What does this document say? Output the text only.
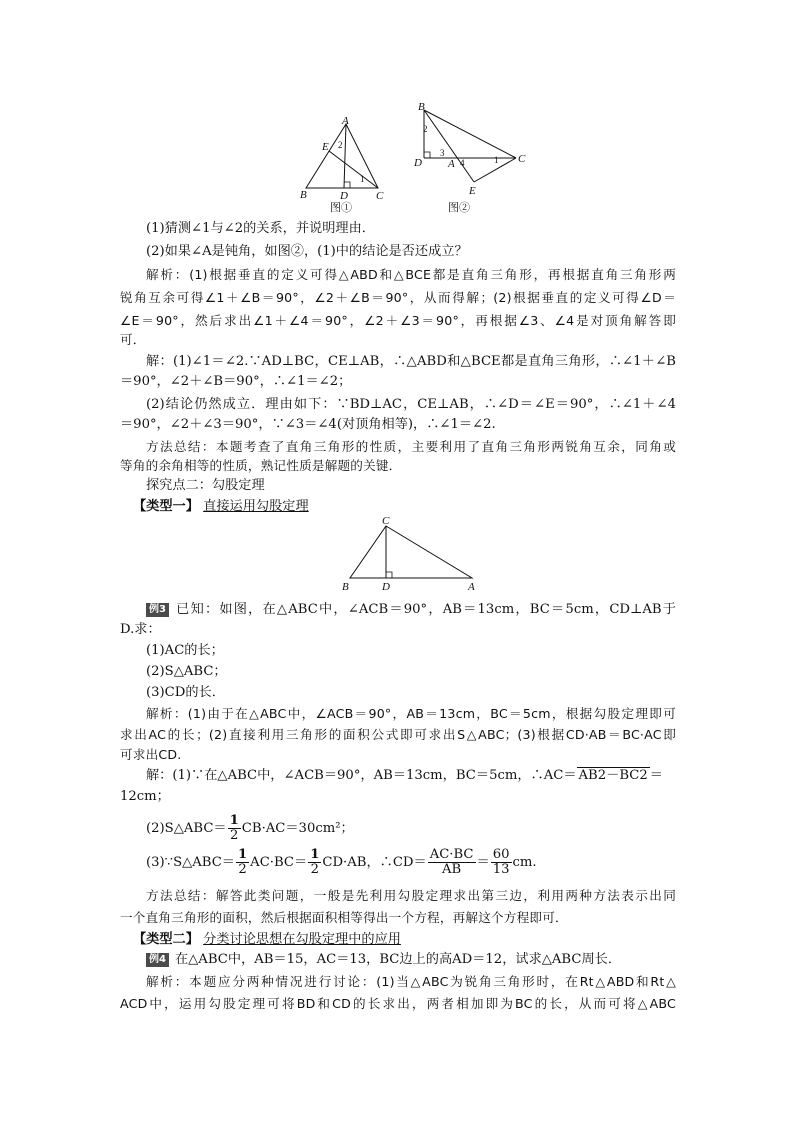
A
E
B	D	C
2
1
图①
B
D A	C
E
2
3
4	1
图②
(1)猜测∠1与∠2的关系，并说明理由．
(2)如果∠A是钝角，如图②，(1)中的结论是否还成立？
解析：(1)根据垂直的定义可得△ABD和△BCE都是直角三角形，再根据直角三角形两
锐角互余可得∠1＋∠B＝90°，∠2＋∠B＝90°，从而得解；(2)根据垂直的定义可得∠D＝
∠E＝90°，然后求出∠1＋∠4＝90°，∠2＋∠3＝90°，再根据∠3、∠4是对顶角解答即
可．
解：(1)∠1＝∠2.∵AD⊥BC，CE⊥AB，∴△ABD和△BCE都是直角三角形，∴∠1＋∠B
＝90°，∠2＋∠B＝90°，∴∠1＝∠2；
(2)结论仍然成立．理由如下：∵BD⊥AC，CE⊥AB，∴∠D＝∠E＝90°，∴∠1＋∠4
＝90°，∠2＋∠3＝90°，∵∠3＝∠4(对顶角相等)，∴∠1＝∠2.
方法总结：本题考查了直角三角形的性质，主要利用了直角三角形两锐角互余，同角或
等角的余角相等的性质，熟记性质是解题的关键．
探究点二：勾股定理
【类型一】 直接运用勾股定理
C
B	D	A
例3 已知：如图，在△ABC中，∠ACB＝90°，AB＝13cm，BC＝5cm，CD⊥AB于
D.求：
(1)AC的长；
(2)S△ABC；
(3)CD的长．
解析：(1)由于在△ABC中，∠ACB＝90°，AB＝13cm，BC＝5cm，根据勾股定理即可
求出AC的长；(2)直接利用三角形的面积公式即可求出S△ABC；(3)根据CD·AB＝BC·AC即
可求出CD.
解：(1)∵在△ABC中，∠ACB＝90°，AB＝13cm，BC＝5cm，∴AC＝ AB2－BC2 ＝
12cm；
(2)S△ABC＝ $\frac{1}{2} CB\cdot AC=30cm^2$；
(3)∵S△ABC＝ $\frac{1}{2} AC\cdot BC= \frac{1}{2} CD\cdot AB$，∴CD＝ $\frac{AC\cdot BC}{AB} = \frac{60}{13}$ cm.
方法总结：解答此类问题，一般是先利用勾股定理求出第三边，利用两种方法表示出同
一个直角三角形的面积，然后根据面积相等得出一个方程，再解这个方程即可．
【类型二】 分类讨论思想在勾股定理中的应用
例4 在△ABC中，AB＝15，AC＝13，BC边上的高AD＝12，试求△ABC周长．
解析：本题应分两种情况进行讨论：(1)当△ABC为锐角三角形时，在Rt△ABD和Rt△
ACD中，运用勾股定理可将BD和CD的长求出，两者相加即为BC的长，从而可将△ABC
